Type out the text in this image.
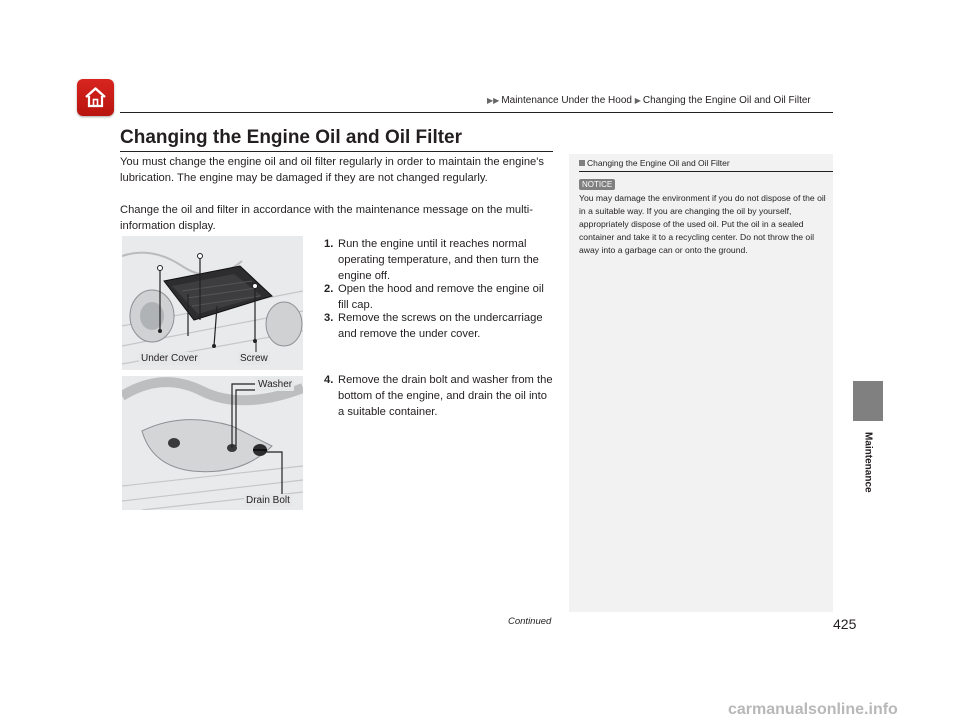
▶▶ Maintenance Under the Hood ▶ Changing the Engine Oil and Oil Filter
Maintenance
Changing the Engine Oil and Oil Filter
You must change the engine oil and oil filter regularly in order to maintain the engine's lubrication. The engine may be damaged if they are not changed regularly.
Change the oil and filter in accordance with the maintenance message on the multi-information display.
1. Run the engine until it reaches normal operating temperature, and then turn the engine off.
2. Open the hood and remove the engine oil fill cap.
3. Remove the screws on the undercarriage and remove the under cover.
4. Remove the drain bolt and washer from the bottom of the engine, and drain the oil into a suitable container.
Under Cover	Screw
Washer
Drain Bolt
Changing the Engine Oil and Oil Filter
NOTICE
You may damage the environment if you do not dispose of the oil in a suitable way. If you are changing the oil by yourself, appropriately dispose of the used oil. Put the oil in a sealed container and take it to a recycling center. Do not throw the oil away into a garbage can or onto the ground.
Continued	425
carmanualsonline.info
